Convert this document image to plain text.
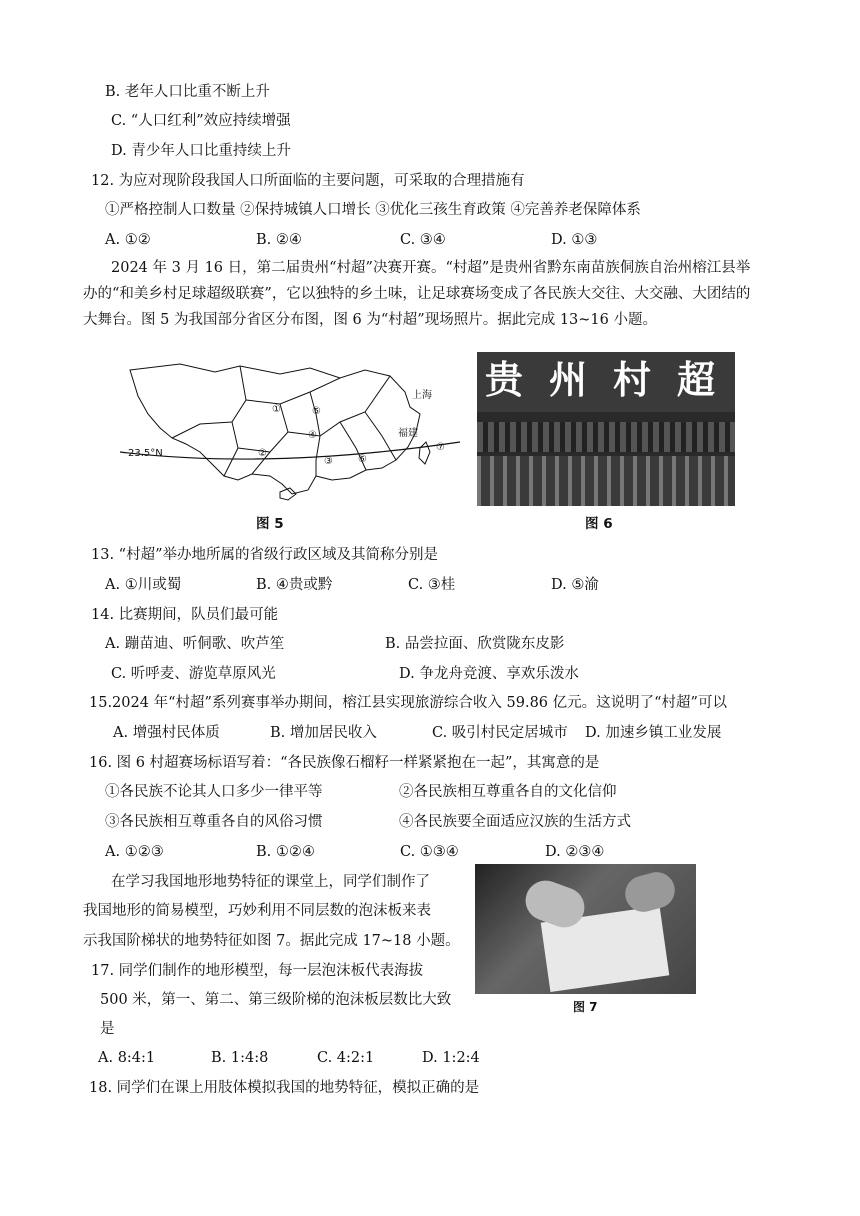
B. 老年人口比重不断上升
C. “人口红利”效应持续增强
D. 青少年人口比重持续上升
12. 为应对现阶段我国人口所面临的主要问题，可采取的合理措施有
①严格控制人口数量 ②保持城镇人口增长 ③优化三孩生育政策 ④完善养老保障体系
A. ①②	B. ②④	C. ③④	D. ①③
2024 年 3 月 16 日，第二届贵州“村超”决赛开赛。“村超”是贵州省黔东南苗族侗族自治州榕江县举办的“和美乡村足球超级联赛”，它以独特的乡土味，让足球赛场变成了各民族大交往、大交融、大团结的大舞台。图 5 为我国部分省区分布图，图 6 为“村超”现场照片。据此完成 13~16 小题。
23.5°N
①
②
③
④
⑤
⑥
⑦
上海
福建
图 5
贵 州 村 超
图 6
13. “村超”举办地所属的省级行政区域及其简称分别是
A. ①川或蜀	B. ④贵或黔	C. ③桂	D. ⑤渝
14. 比赛期间，队员们最可能
A. 蹦苗迪、听侗歌、吹芦笙	B. 品尝拉面、欣赏陇东皮影
C. 听呼麦、游览草原风光	D. 争龙舟竞渡、享欢乐泼水
15.2024 年“村超”系列赛事举办期间，榕江县实现旅游综合收入 59.86 亿元。这说明了“村超”可以
A. 增强村民体质	B. 增加居民收入	C. 吸引村民定居城市 D. 加速乡镇工业发展
16. 图 6 村超赛场标语写着：“各民族像石榴籽一样紧紧抱在一起”，其寓意的是
①各民族不论其人口多少一律平等	②各民族相互尊重各自的文化信仰
③各民族相互尊重各自的风俗习惯	④各民族要全面适应汉族的生活方式
A. ①②③	B. ①②④	C. ①③④	D. ②③④
在学习我国地形地势特征的课堂上，同学们制作了
我国地形的简易模型，巧妙利用不同层数的泡沫板来表
示我国阶梯状的地势特征如图 7。据此完成 17~18 小题。
图 7
17. 同学们制作的地形模型，每一层泡沫板代表海拔
500 米，第一、第二、第三级阶梯的泡沫板层数比大致
是
A. 8:4:1	B. 1:4:8	C. 4:2:1	D. 1:2:4
18. 同学们在课上用肢体模拟我国的地势特征，模拟正确的是
